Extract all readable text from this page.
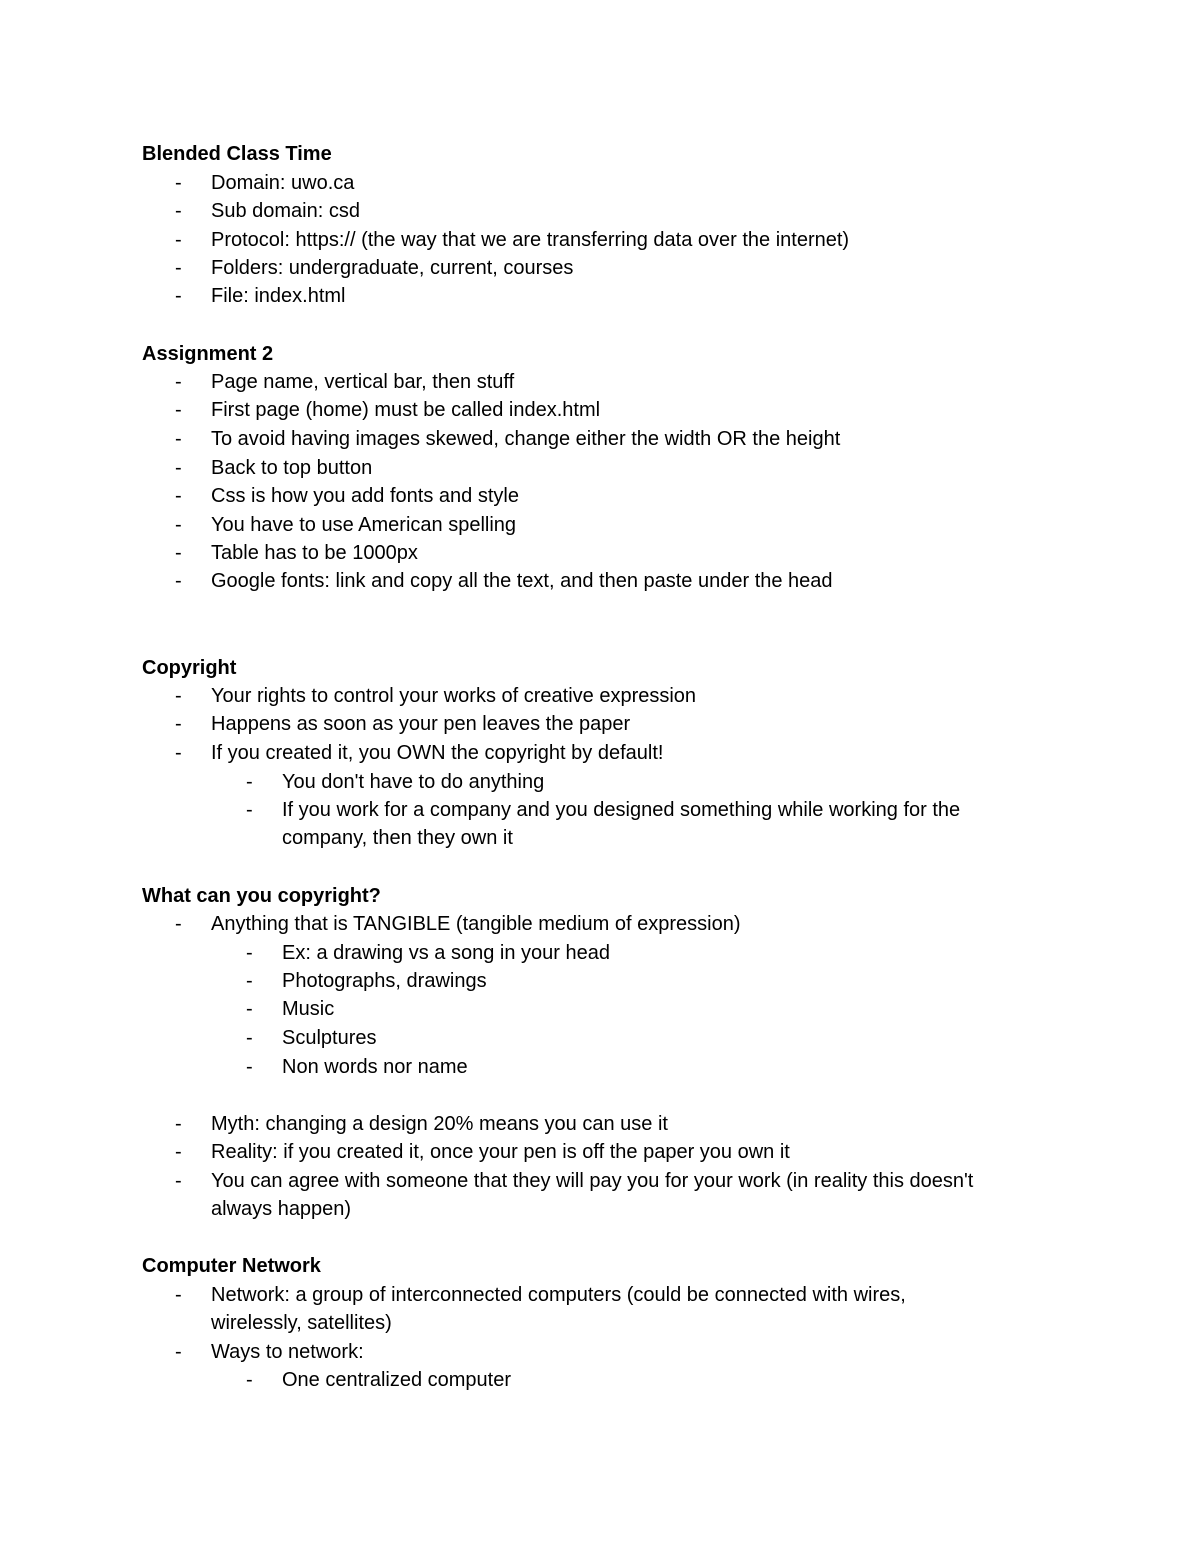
Blended Class Time
- Domain: uwo.ca
- Sub domain: csd
- Protocol: https:// (the way that we are transferring data over the internet)
- Folders: undergraduate, current, courses
- File: index.html
Assignment 2
- Page name, vertical bar, then stuff
- First page (home) must be called index.html
- To avoid having images skewed, change either the width OR the height
- Back to top button
- Css is how you add fonts and style
- You have to use American spelling
- Table has to be 1000px
- Google fonts: link and copy all the text, and then paste under the head
Copyright
- Your rights to control your works of creative expression
- Happens as soon as your pen leaves the paper
- If you created it, you OWN the copyright by default!
- You don't have to do anything
- If you work for a company and you designed something while working for the
company, then they own it
What can you copyright?
- Anything that is TANGIBLE (tangible medium of expression)
- Ex: a drawing vs a song in your head
- Photographs, drawings
- Music
- Sculptures
- Non words nor name
- Myth: changing a design 20% means you can use it
- Reality: if you created it, once your pen is off the paper you own it
- You can agree with someone that they will pay you for your work (in reality this doesn't
always happen)
Computer Network
- Network: a group of interconnected computers (could be connected with wires,
wirelessly, satellites)
- Ways to network:
- One centralized computer
